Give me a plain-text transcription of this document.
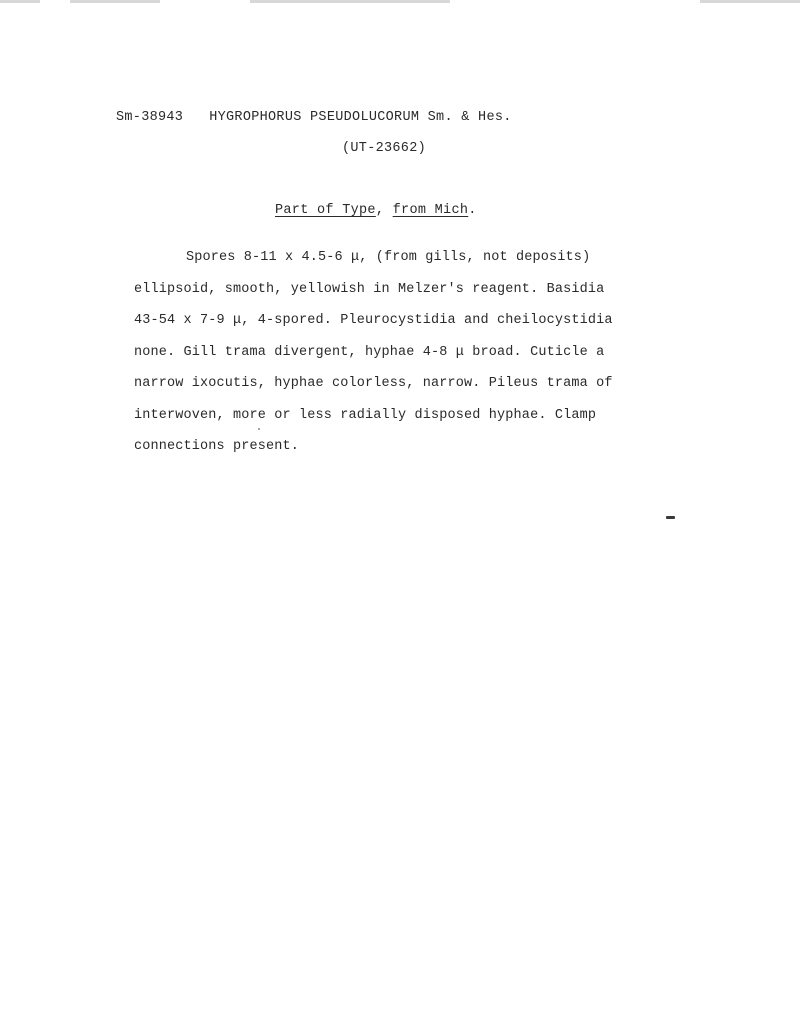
Sm-38943 HYGROPHORUS PSEUDOLUCORUM Sm. & Hes.
(UT-23662)
Part of Type, from Mich.
Spores 8-11 x 4.5-6 μ, (from gills, not deposits)
ellipsoid, smooth, yellowish in Melzer's reagent. Basidia
43-54 x 7-9 μ, 4-spored. Pleurocystidia and cheilocystidia
none. Gill trama divergent, hyphae 4-8 μ broad. Cuticle a
narrow ixocutis, hyphae colorless, narrow. Pileus trama of
interwoven, more or less radially disposed hyphae. Clamp
connections present.
